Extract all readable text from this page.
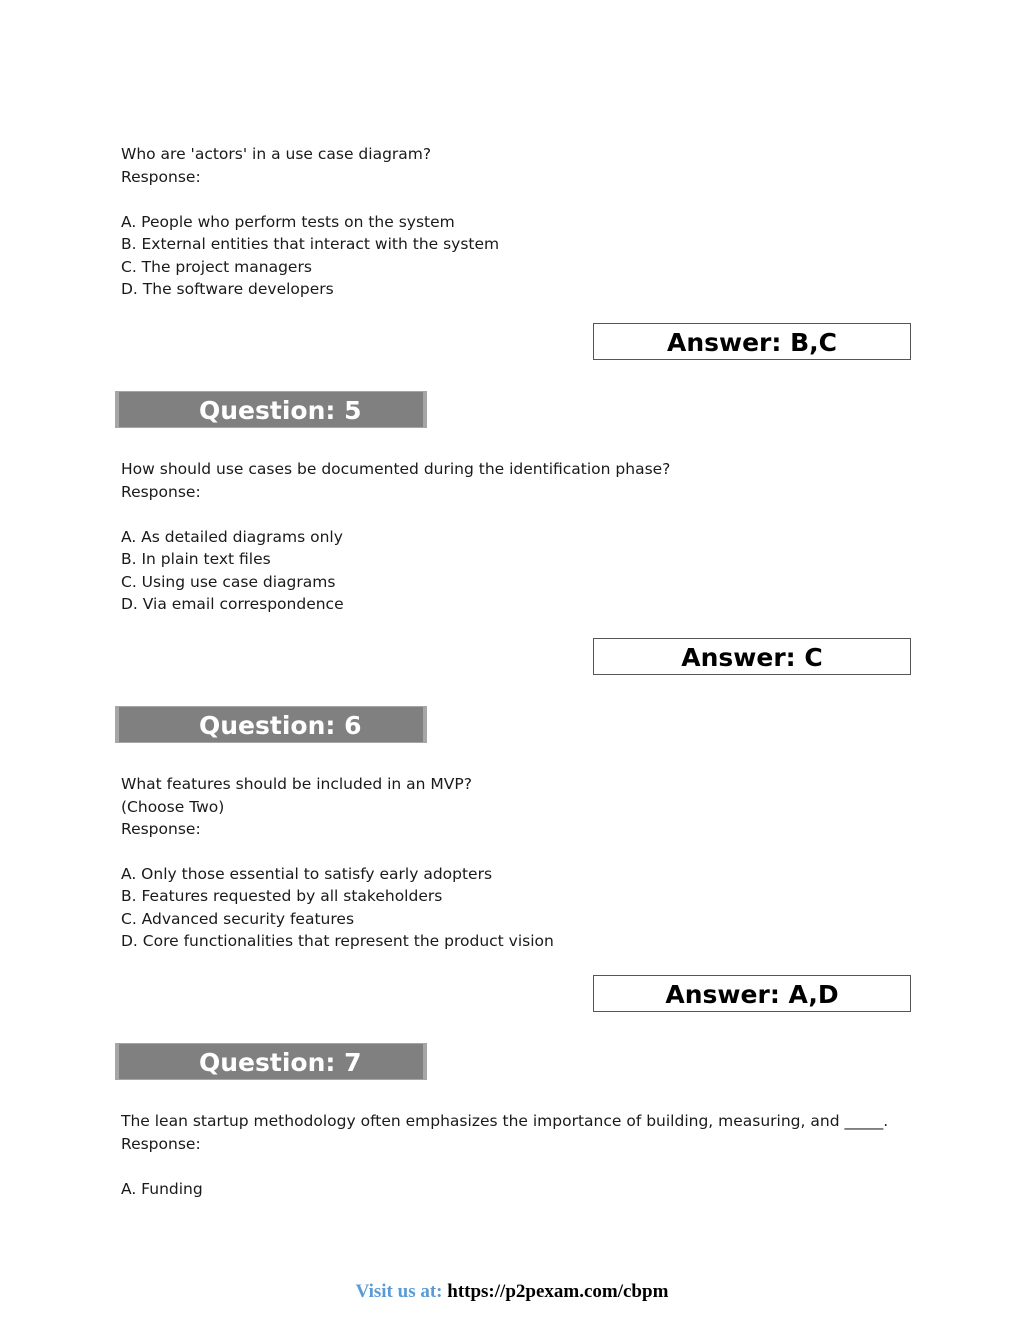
Who are 'actors' in a use case diagram?
Response:
A. People who perform tests on the system
B. External entities that interact with the system
C. The project managers
D. The software developers
Answer: B,C
Question: 5
How should use cases be documented during the identification phase?
Response:
A. As detailed diagrams only
B. In plain text files
C. Using use case diagrams
D. Via email correspondence
Answer: C
Question: 6
What features should be included in an MVP?
(Choose Two)
Response:
A. Only those essential to satisfy early adopters
B. Features requested by all stakeholders
C. Advanced security features
D. Core functionalities that represent the product vision
Answer: A,D
Question: 7
The lean startup methodology often emphasizes the importance of building, measuring, and _____.
Response:
A. Funding
Visit us at: https://p2pexam.com/cbpm
